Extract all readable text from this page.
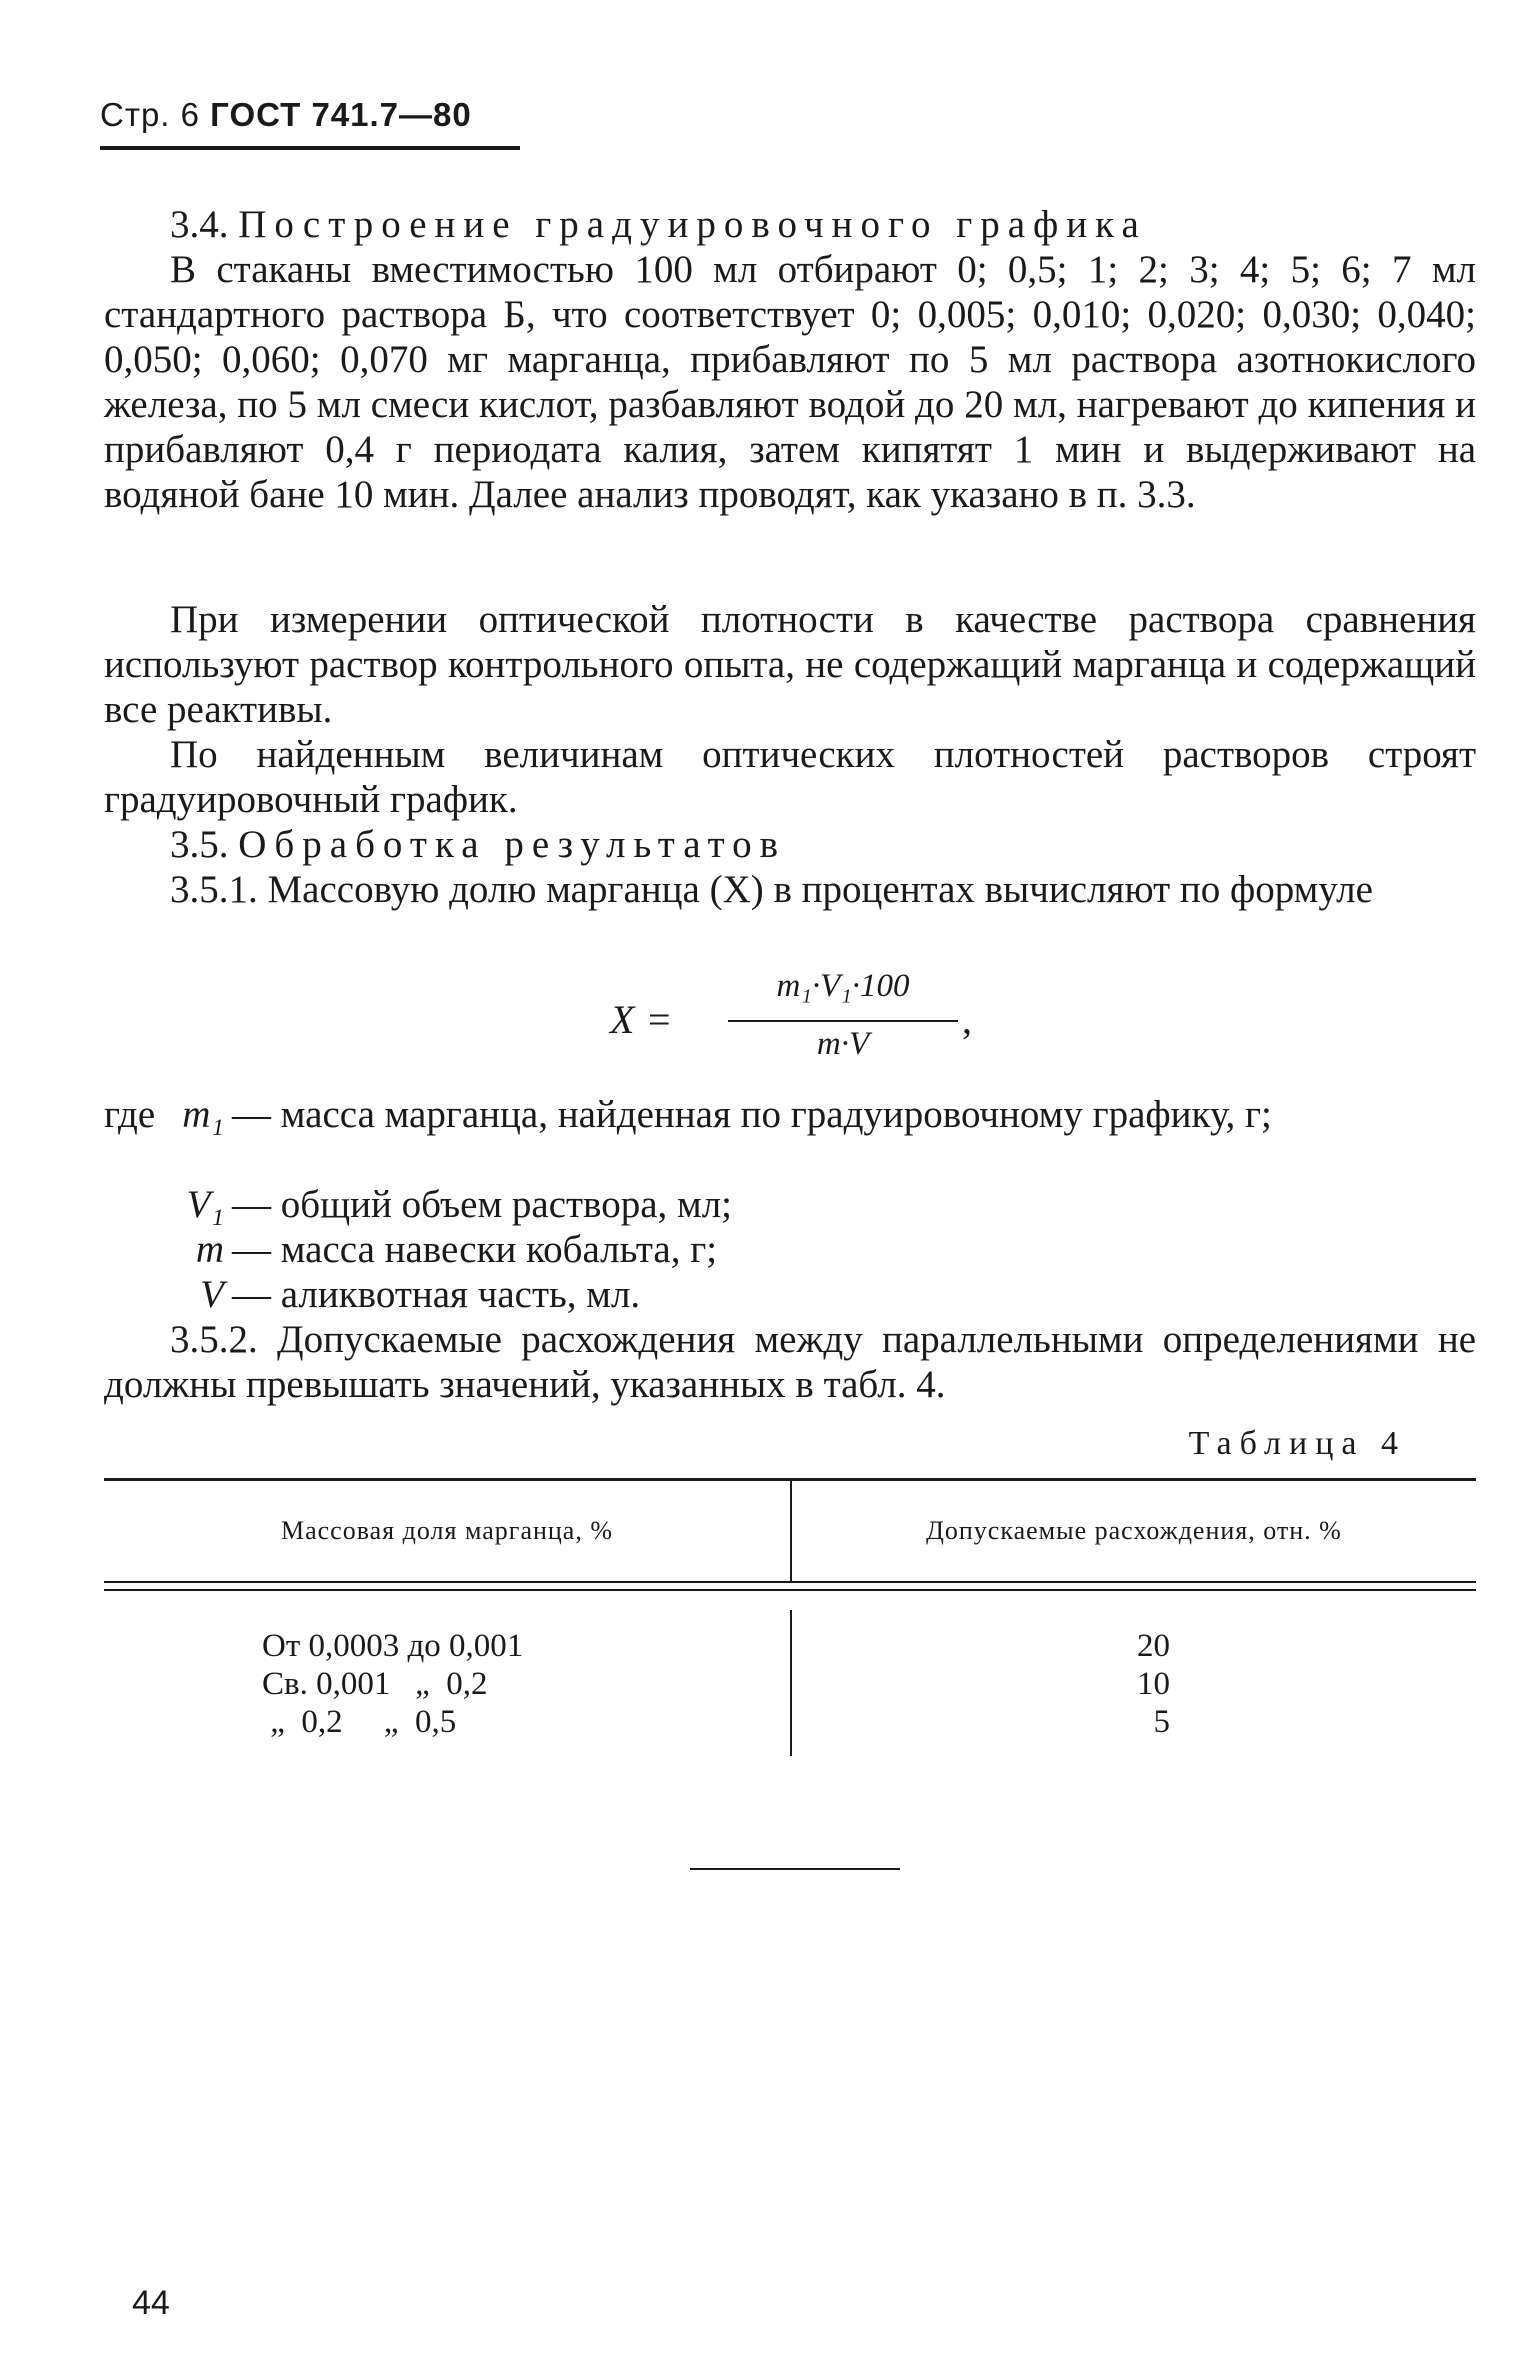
Стр. 6 ГОСТ 741.7—80

3.4. Построение градуировочного графика

В стаканы вместимостью 100 мл отбирают 0; 0,5; 1; 2; 3; 4; 5; 6; 7 мл стандартного раствора Б, что соответствует 0; 0,005; 0,010; 0,020; 0,030; 0,040; 0,050; 0,060; 0,070 мг марганца, прибавляют по 5 мл раствора азотнокислого железа, по 5 мл смеси кислот, разбавляют водой до 20 мл, нагревают до кипения и прибавляют 0,4 г периодата калия, затем кипятят 1 мин и выдерживают на водяной бане 10 мин. Далее анализ проводят, как указано в п. 3.3.

При измерении оптической плотности в качестве раствора сравнения используют раствор контрольного опыта, не содержащий марганца и содержащий все реактивы.

По найденным величинам оптических плотностей растворов строят градуировочный график.

3.5. Обработка результатов

3.5.1. Массовую долю марганца (X) в процентах вычисляют по формуле

X =
m₁·V₁·100
m·V
,
где m₁ — масса марганца, найденная по градуировочному графику, г;
V₁ — общий объем раствора, мл;
m — масса навески кобальта, г;
V — аликвотная часть, мл.

3.5.2. Допускаемые расхождения между параллельными определениями не должны превышать значений, указанных в табл. 4.

Таблица 4
Массовая доля марганца, %	Допускаемые расхождения, отн. %
От 0,0003 до 0,001	20
Св. 0,001   „  0,2	10
„  0,2     „  0,5	5
44
